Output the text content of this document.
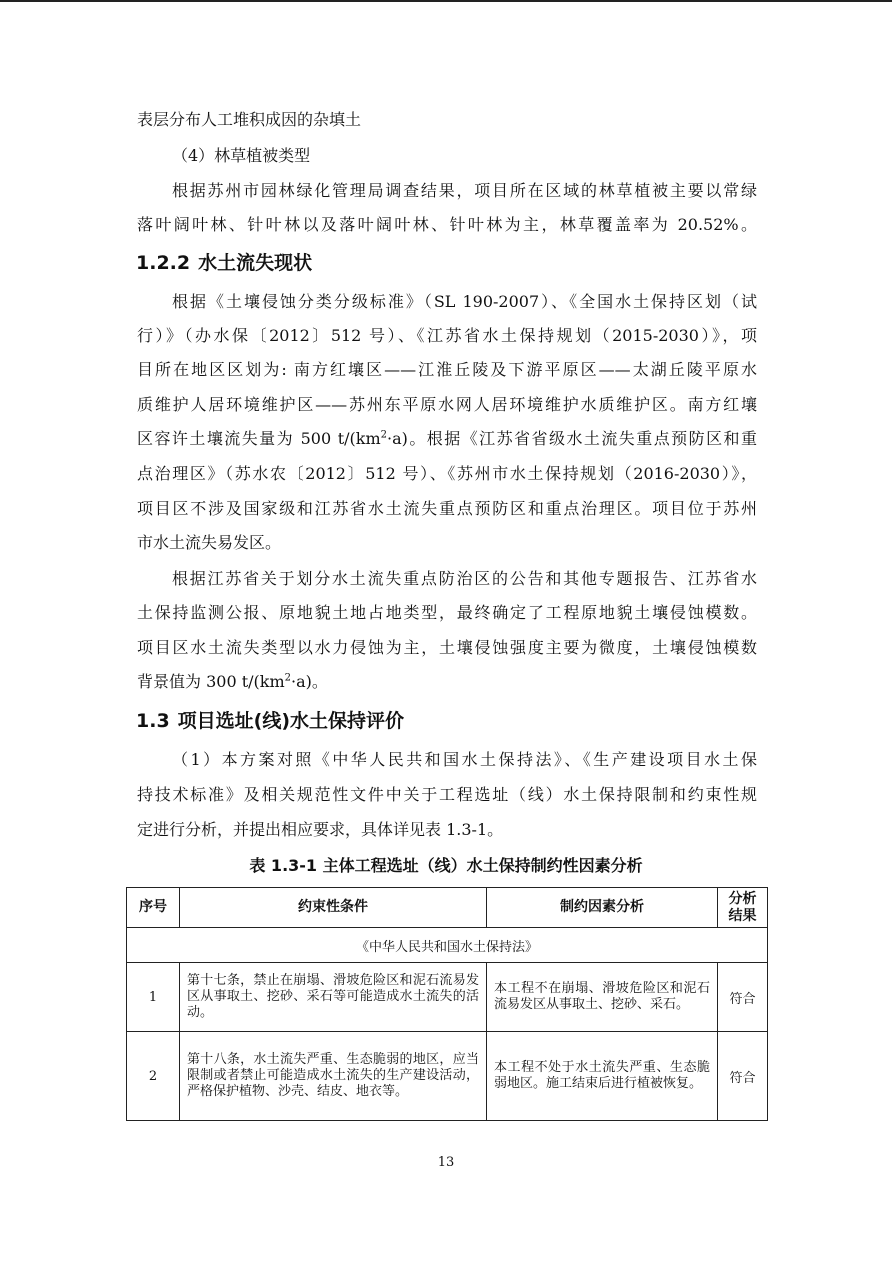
表层分布人工堆积成因的杂填土
（4）林草植被类型
根据苏州市园林绿化管理局调查结果，项目所在区域的林草植被主要以常绿
落叶阔叶林、针叶林以及落叶阔叶林、针叶林为主，林草覆盖率为 20.52%。
1.2.2 水土流失现状
根据《土壤侵蚀分类分级标准》（SL 190-2007）、《全国水土保持区划（试
行）》（办水保〔2012〕512 号）、《江苏省水土保持规划（2015-2030）》，项
目所在地区区划为: 南方红壤区——江淮丘陵及下游平原区——太湖丘陵平原水
质维护人居环境维护区——苏州东平原水网人居环境维护水质维护区。南方红壤
区容许土壤流失量为 500 $t/(km^2\cdot a)$。根据《江苏省省级水土流失重点预防区和重
点治理区》（苏水农〔2012〕512 号）、《苏州市水土保持规划（2016-2030）》，
项目区不涉及国家级和江苏省水土流失重点预防区和重点治理区。项目位于苏州
市水土流失易发区。
根据江苏省关于划分水土流失重点防治区的公告和其他专题报告、江苏省水
土保持监测公报、原地貌土地占地类型，最终确定了工程原地貌土壤侵蚀模数。
项目区水土流失类型以水力侵蚀为主，土壤侵蚀强度主要为微度，土壤侵蚀模数
背景值为 300 $t/(km^2\cdot a)$。
1.3 项目选址(线)水土保持评价
（1）本方案对照《中华人民共和国水土保持法》、《生产建设项目水土保
持技术标准》及相关规范性文件中关于工程选址（线）水土保持限制和约束性规
定进行分析，并提出相应要求，具体详见表 1.3-1。
表 1.3-1 主体工程选址（线）水土保持制约性因素分析
序号	约束性条件	制约因素分析	分析
结果
《中华人民共和国水土保持法》			
1	第十七条，禁止在崩塌、滑坡危险区和泥石流易发区从事取土、挖砂、采石等可能造成水土流失的活动。	本工程不在崩塌、滑坡危险区和泥石流易发区从事取土、挖砂、采石。	符合
2	第十八条，水土流失严重、生态脆弱的地区，应当限制或者禁止可能造成水土流失的生产建设活动，严格保护植物、沙壳、结皮、地衣等。	本工程不处于水土流失严重、生态脆弱地区。施工结束后进行植被恢复。	符合
13
